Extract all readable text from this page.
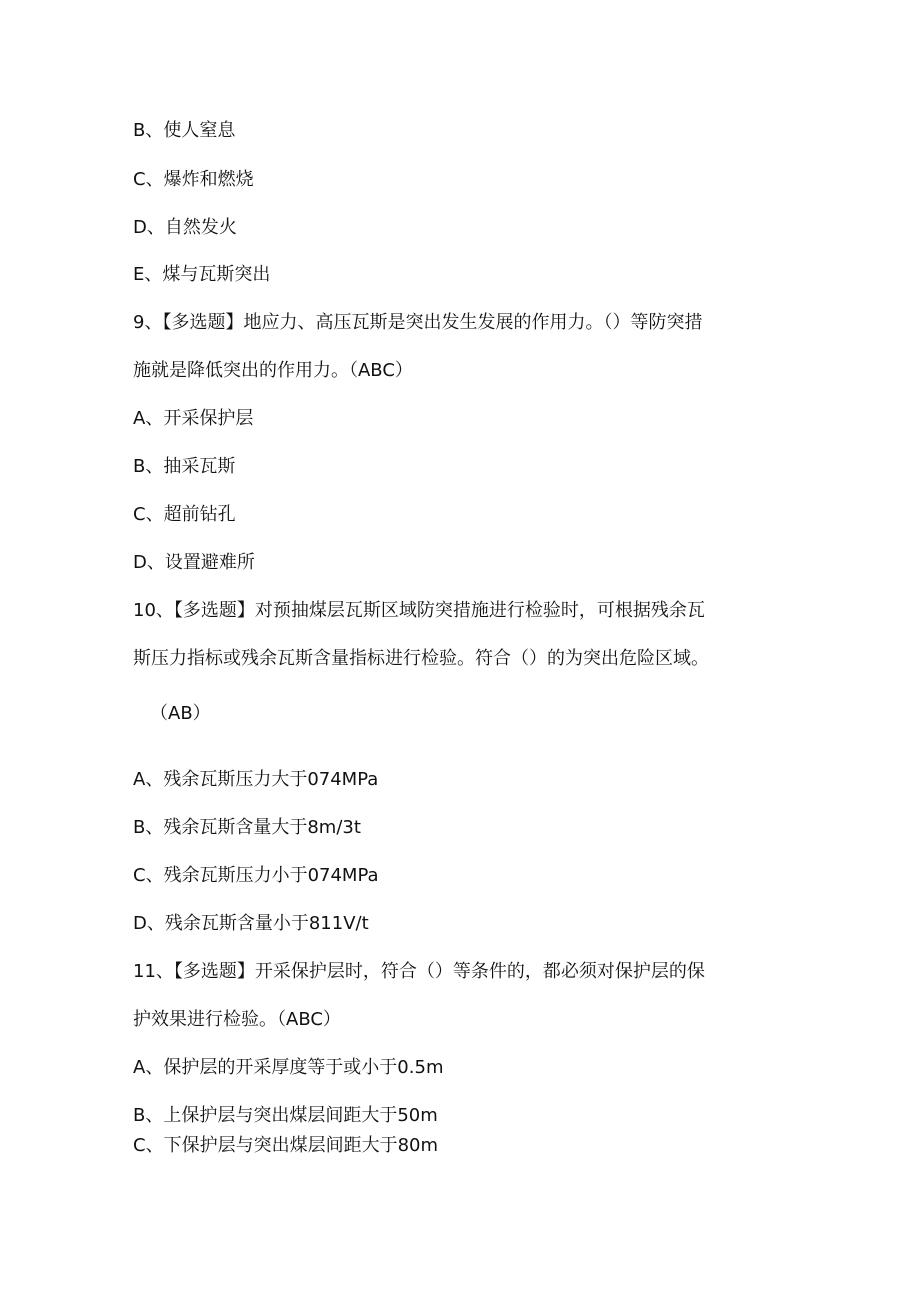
B、使人窒息
C、爆炸和燃烧
D、自然发火
E、煤与瓦斯突出
9、【多选题】地应力、高压瓦斯是突出发生发展的作用力。（）等防突措
施就是降低突出的作用力。（ABC）
A、开采保护层
B、抽采瓦斯
C、超前钻孔
D、设置避难所
10、【多选题】对预抽煤层瓦斯区域防突措施进行检验时，可根据残余瓦
斯压力指标或残余瓦斯含量指标进行检验。符合（）的为突出危险区域。
（AB）
A、残余瓦斯压力大于074MPa
B、残余瓦斯含量大于8m∕3t
C、残余瓦斯压力小于074MPa
D、残余瓦斯含量小于811V∕t
11、【多选题】开采保护层时，符合（）等条件的，都必须对保护层的保
护效果进行检验。（ABC）
A、保护层的开采厚度等于或小于0.5m
B、上保护层与突出煤层间距大于50m
C、下保护层与突出煤层间距大于80m
